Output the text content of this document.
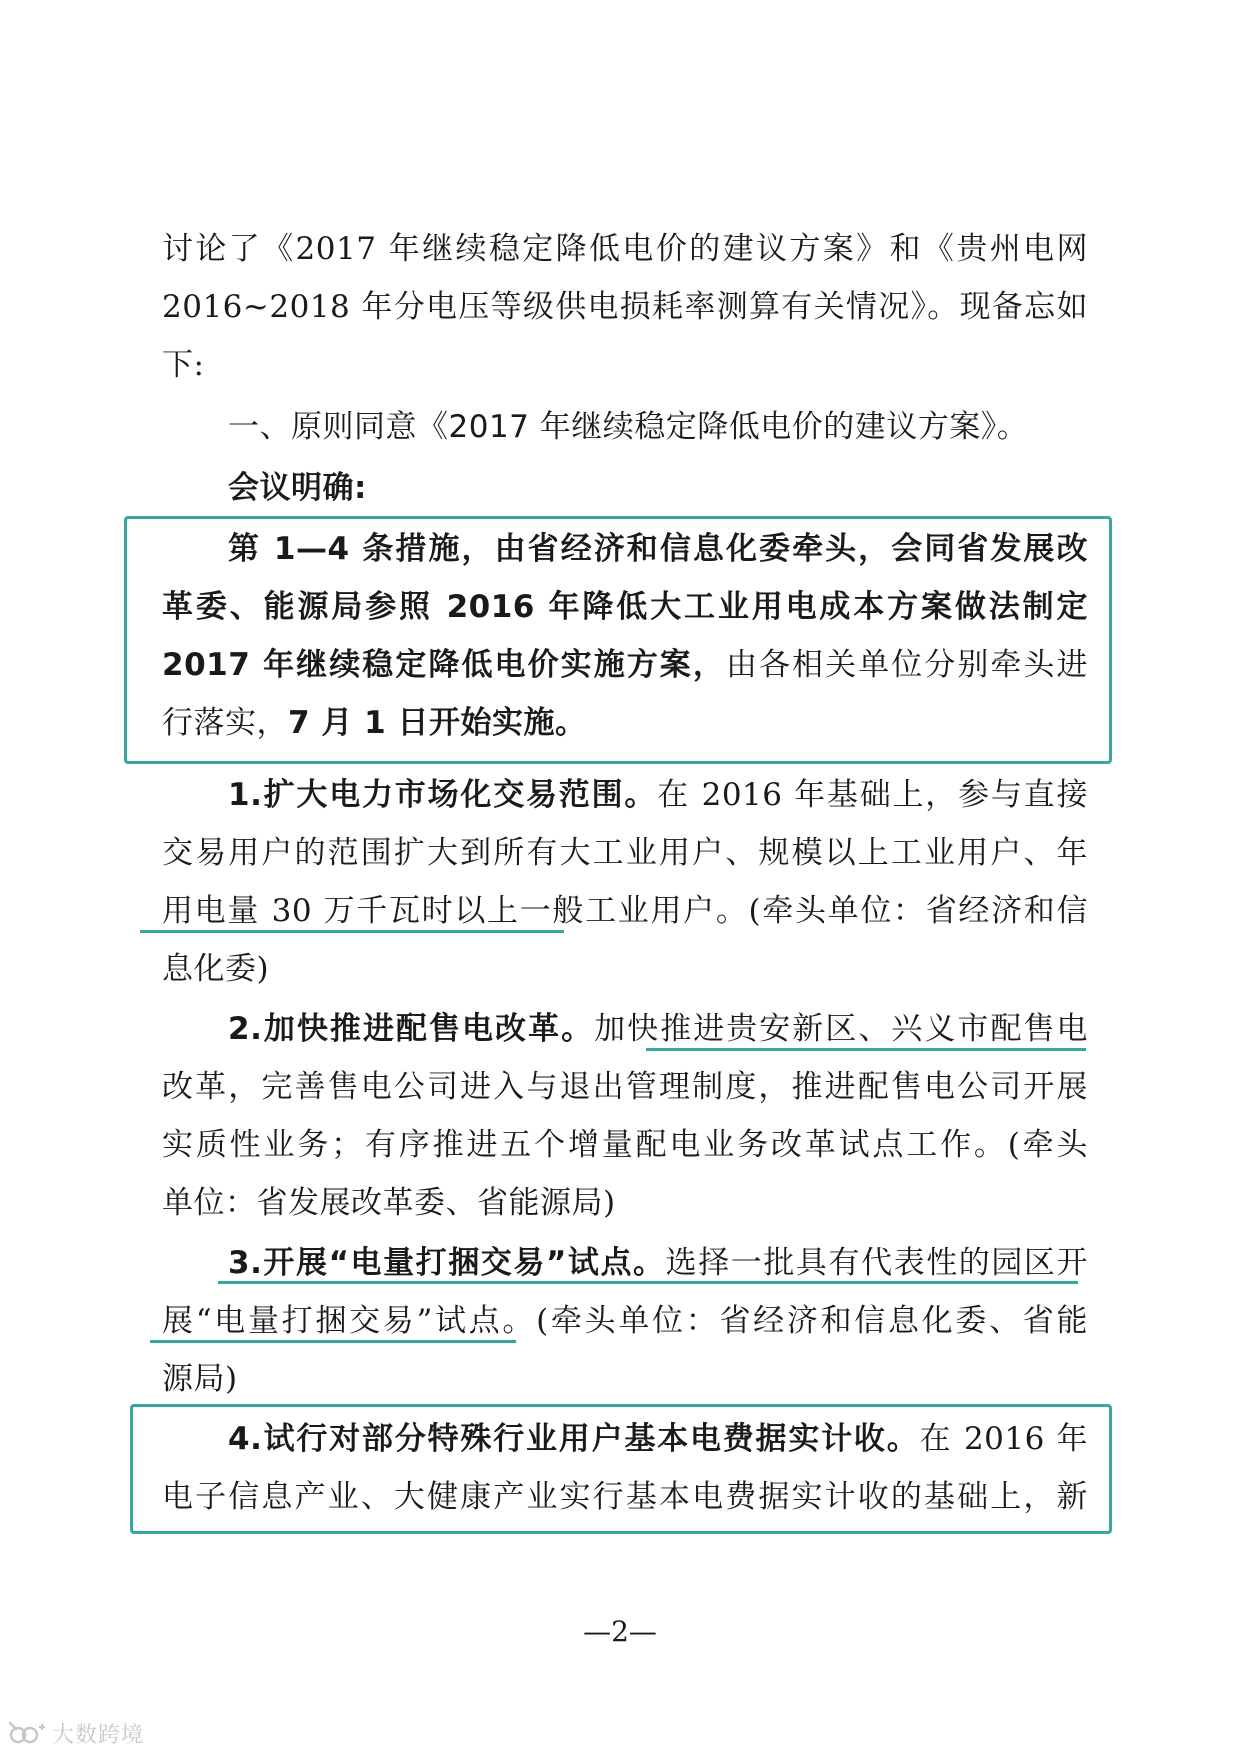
讨论了《2017 年继续稳定降低电价的建议方案》和《贵州电网
2016~2018 年分电压等级供电损耗率测算有关情况》。现备忘如
下:
一、原则同意《2017 年继续稳定降低电价的建议方案》。
会议明确:
第 1—4 条措施，由省经济和信息化委牵头，会同省发展改
革委、能源局参照 2016 年降低大工业用电成本方案做法制定
2017 年继续稳定降低电价实施方案，由各相关单位分别牵头进
行落实，7 月 1 日开始实施。
1.扩大电力市场化交易范围。在 2016 年基础上，参与直接
交易用户的范围扩大到所有大工业用户、规模以上工业用户、年
用电量 30 万千瓦时以上一般工业用户。(牵头单位：省经济和信
息化委)
2.加快推进配售电改革。加快推进贵安新区、兴义市配售电
改革，完善售电公司进入与退出管理制度，推进配售电公司开展
实质性业务；有序推进五个增量配电业务改革试点工作。(牵头
单位：省发展改革委、省能源局)
3.开展“电量打捆交易”试点。选择一批具有代表性的园区开
展“电量打捆交易”试点。(牵头单位：省经济和信息化委、省能
源局)
4.试行对部分特殊行业用户基本电费据实计收。在 2016 年
电子信息产业、大健康产业实行基本电费据实计收的基础上，新
—2—
大数跨境
